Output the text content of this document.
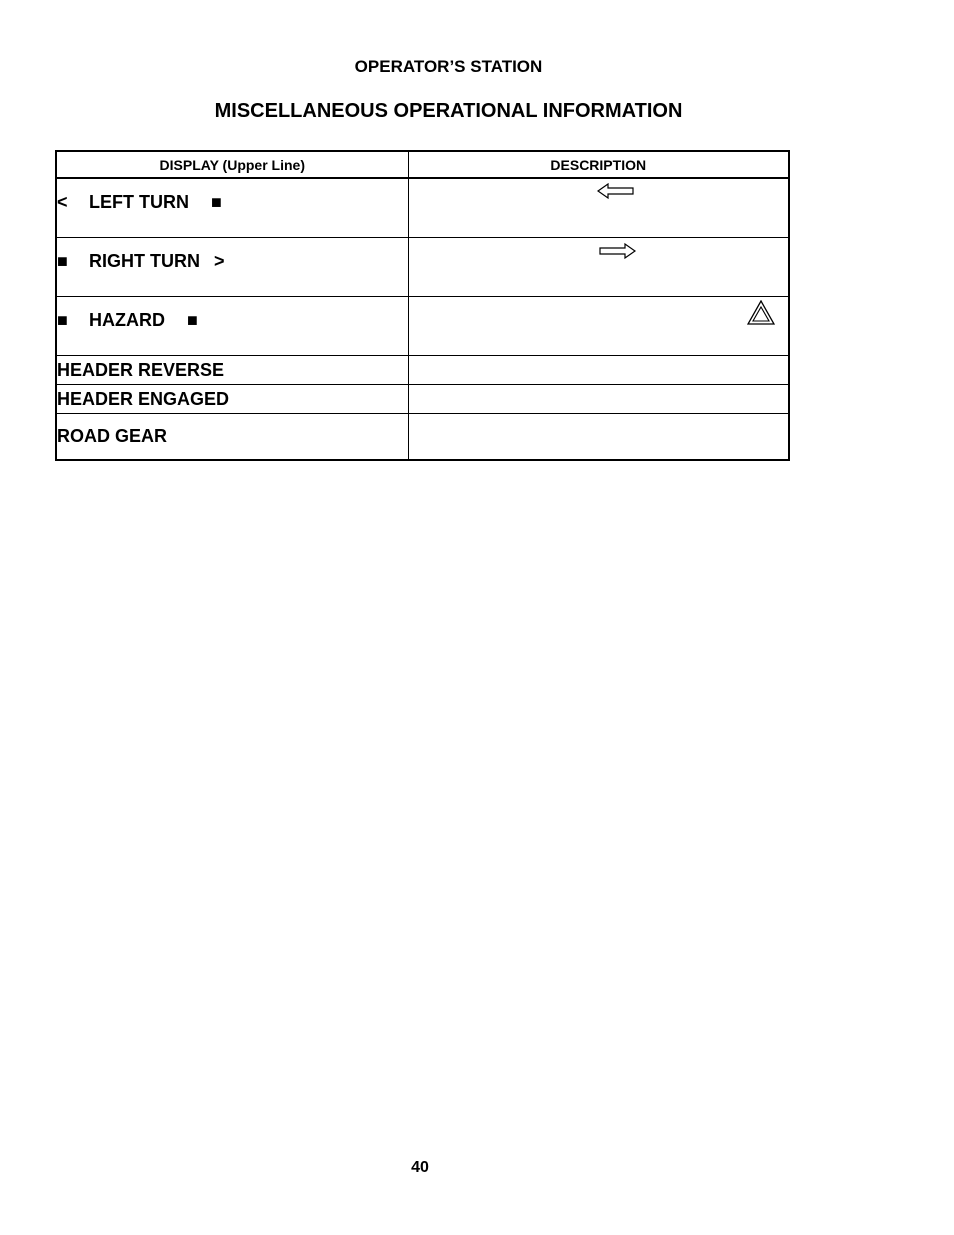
OPERATOR’S STATION
MISCELLANEOUS OPERATIONAL INFORMATION
DISPLAY (Upper Line)	DESCRIPTION
< LEFT TURN ■	

■ RIGHT TURN >	

■ HAZARD ■	

HEADER REVERSE	
HEADER ENGAGED	
ROAD GEAR	
40
